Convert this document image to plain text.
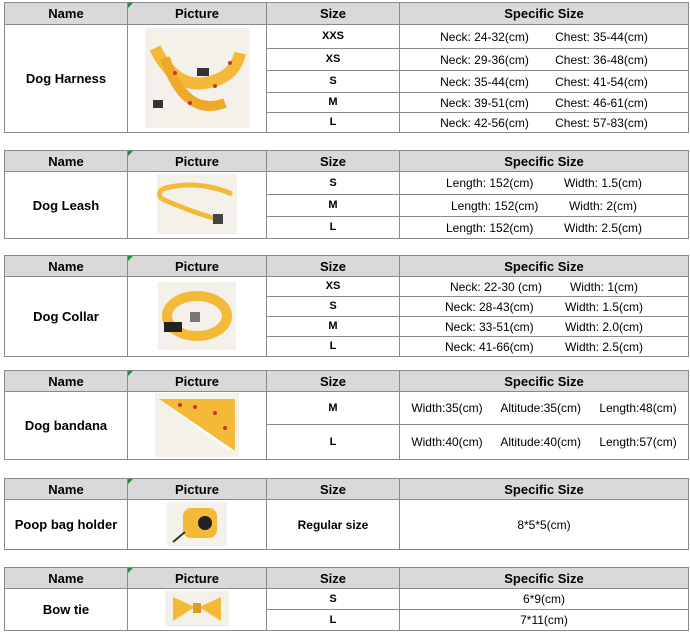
Name	Picture	Size	Specific Size
Dog Harness		XXS	Neck: 24-32(cm) Chest: 35-44(cm)
		XS	Neck: 29-36(cm) Chest: 36-48(cm)
		S	Neck: 35-44(cm) Chest: 41-54(cm)
		M	Neck: 39-51(cm) Chest: 46-61(cm)
		L	Neck: 42-56(cm) Chest: 57-83(cm)
Name	Picture	Size	Specific Size
Dog Leash		S	Length: 152(cm) Width: 1.5(cm)
		M	Length: 152(cm) Width: 2(cm)
		L	Length: 152(cm) Width: 2.5(cm)
Name	Picture	Size	Specific Size
Dog Collar		XS	Neck: 22-30 (cm) Width: 1(cm)
		S	Neck: 28-43(cm) Width: 1.5(cm)
		M	Neck: 33-51(cm) Width: 2.0(cm)
		L	Neck: 41-66(cm) Width: 2.5(cm)
Name	Picture	Size	Specific Size
Dog bandana		M	Width:35(cm) Altitude:35(cm) Length:48(cm)
		L	Width:40(cm) Altitude:40(cm) Length:57(cm)
Name	Picture	Size	Specific Size
Poop bag holder		Regular size	8*5*5(cm)
Name	Picture	Size	Specific Size
Bow tie		S	6*9(cm)
		L	7*11(cm)
